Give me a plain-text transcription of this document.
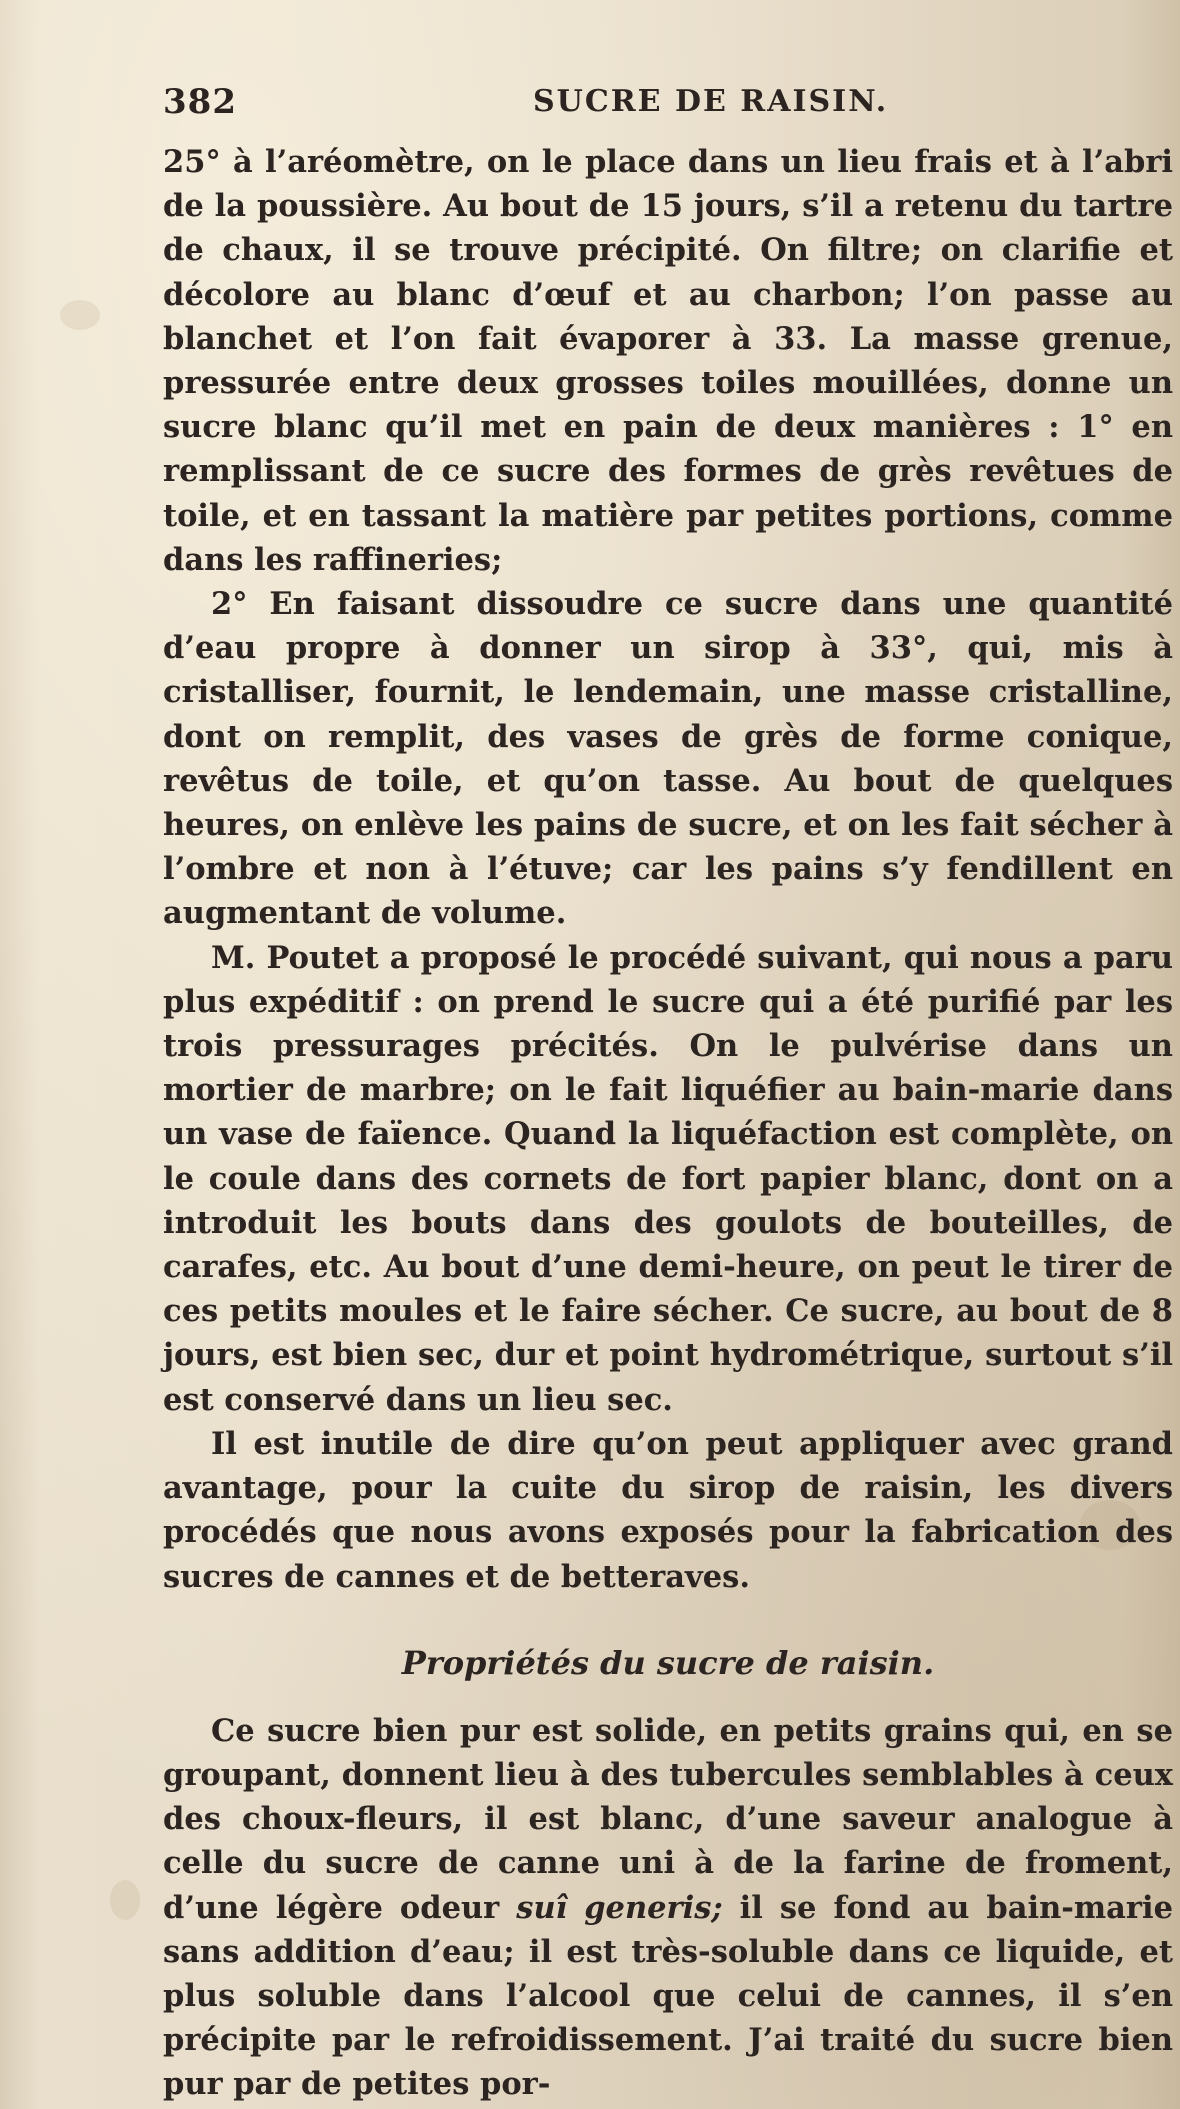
382	SUCRE DE RAISIN.

25° à l’aréomètre, on le place dans un lieu frais et à l’abri de la poussière. Au bout de 15 jours, s’il a retenu du tartre de chaux, il se trouve précipité. On filtre; on clarifie et décolore au blanc d’œuf et au charbon; l’on passe au blanchet et l’on fait évaporer à 33. La masse grenue, pressurée entre deux grosses toiles mouillées, donne un sucre blanc qu’il met en pain de deux manières : 1° en remplissant de ce sucre des formes de grès revêtues de toile, et en tassant la matière par petites portions, comme dans les raffineries;

2° En faisant dissoudre ce sucre dans une quantité d’eau propre à donner un sirop à 33°, qui, mis à cristalliser, fournit, le lendemain, une masse cristalline, dont on remplit, des vases de grès de forme conique, revêtus de toile, et qu’on tasse. Au bout de quelques heures, on enlève les pains de sucre, et on les fait sécher à l’ombre et non à l’étuve; car les pains s’y fendillent en augmentant de volume.

M. Poutet a proposé le procédé suivant, qui nous a paru plus expéditif : on prend le sucre qui a été purifié par les trois pressurages précités. On le pulvérise dans un mortier de marbre; on le fait liquéfier au bain-marie dans un vase de faïence. Quand la liquéfaction est complète, on le coule dans des cornets de fort papier blanc, dont on a introduit les bouts dans des goulots de bouteilles, de carafes, etc. Au bout d’une demi-heure, on peut le tirer de ces petits moules et le faire sécher. Ce sucre, au bout de 8 jours, est bien sec, dur et point hydrométrique, surtout s’il est conservé dans un lieu sec.

Il est inutile de dire qu’on peut appliquer avec grand avantage, pour la cuite du sirop de raisin, les divers procédés que nous avons exposés pour la fabrication des sucres de cannes et de betteraves.

Propriétés du sucre de raisin.

Ce sucre bien pur est solide, en petits grains qui, en se groupant, donnent lieu à des tubercules semblables à ceux des choux-fleurs, il est blanc, d’une saveur analogue à celle du sucre de canne uni à de la farine de froment, d’une légère odeur suî generis; il se fond au bain-marie sans addition d’eau; il est très-soluble dans ce liquide, et plus soluble dans l’alcool que celui de cannes, il s’en précipite par le refroidissement. J’ai traité du sucre bien pur par de petites por-
